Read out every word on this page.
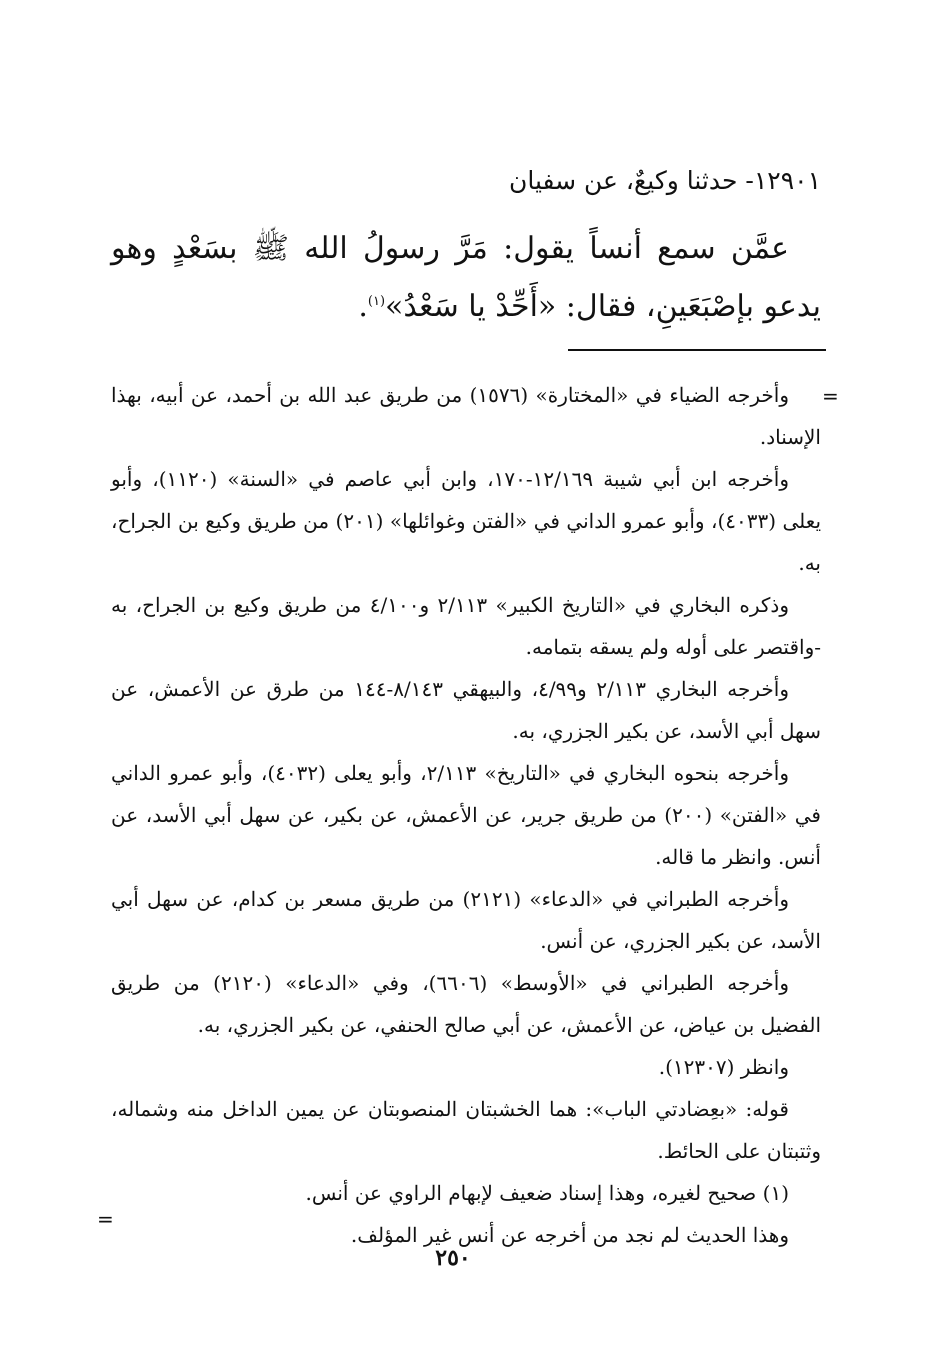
١٢٩٠١- حدثنا وكيعٌ، عن سفيان

عمَّن سمع أنساً يقول: مَرَّ رسولُ الله ﷺ بسَعْدٍ وهو يدعو بإصْبَعَينِ، فقال: «أَحِّدْ يا سَعْدُ»$^{(١)}$.

=

وأخرجه الضياء في «المختارة» (١٥٧٦) من طريق عبد الله بن أحمد، عن أبيه، بهذا الإسناد.

وأخرجه ابن أبي شيبة ١٢/١٦٩-١٧٠، وابن أبي عاصم في «السنة» (١١٢٠)، وأبو يعلى (٤٠٣٣)، وأبو عمرو الداني في «الفتن وغوائلها» (٢٠١) من طريق وكيع بن الجراح، به.

وذكره البخاري في «التاريخ الكبير» ٢/١١٣ و٤/١٠٠ من طريق وكيع بن الجراح، به -واقتصر على أوله ولم يسقه بتمامه.

وأخرجه البخاري ٢/١١٣ و٤/٩٩، والبيهقي ٨/١٤٣-١٤٤ من طرق عن الأعمش، عن سهل أبي الأسد، عن بكير الجزري، به.

وأخرجه بنحوه البخاري في «التاريخ» ٢/١١٣، وأبو يعلى (٤٠٣٢)، وأبو عمرو الداني في «الفتن» (٢٠٠) من طريق جرير، عن الأعمش، عن بكير، عن سهل أبي الأسد، عن أنس. وانظر ما قاله.

وأخرجه الطبراني في «الدعاء» (٢١٢١) من طريق مسعر بن كدام، عن سهل أبي الأسد، عن بكير الجزري، عن أنس.

وأخرجه الطبراني في «الأوسط» (٦٦٠٦)، وفي «الدعاء» (٢١٢٠) من طريق الفضيل بن عياض، عن الأعمش، عن أبي صالح الحنفي، عن بكير الجزري، به.

وانظر (١٢٣٠٧).

قوله: «بعِضادتي الباب»: هما الخشبتان المنصوبتان عن يمين الداخل منه وشماله، وثتبتان على الحائط.

(١) صحيح لغيره، وهذا إسناد ضعيف لإبهام الراوي عن أنس.

وهذا الحديث لم نجد من أخرجه عن أنس غير المؤلف.

=
٢٥٠
